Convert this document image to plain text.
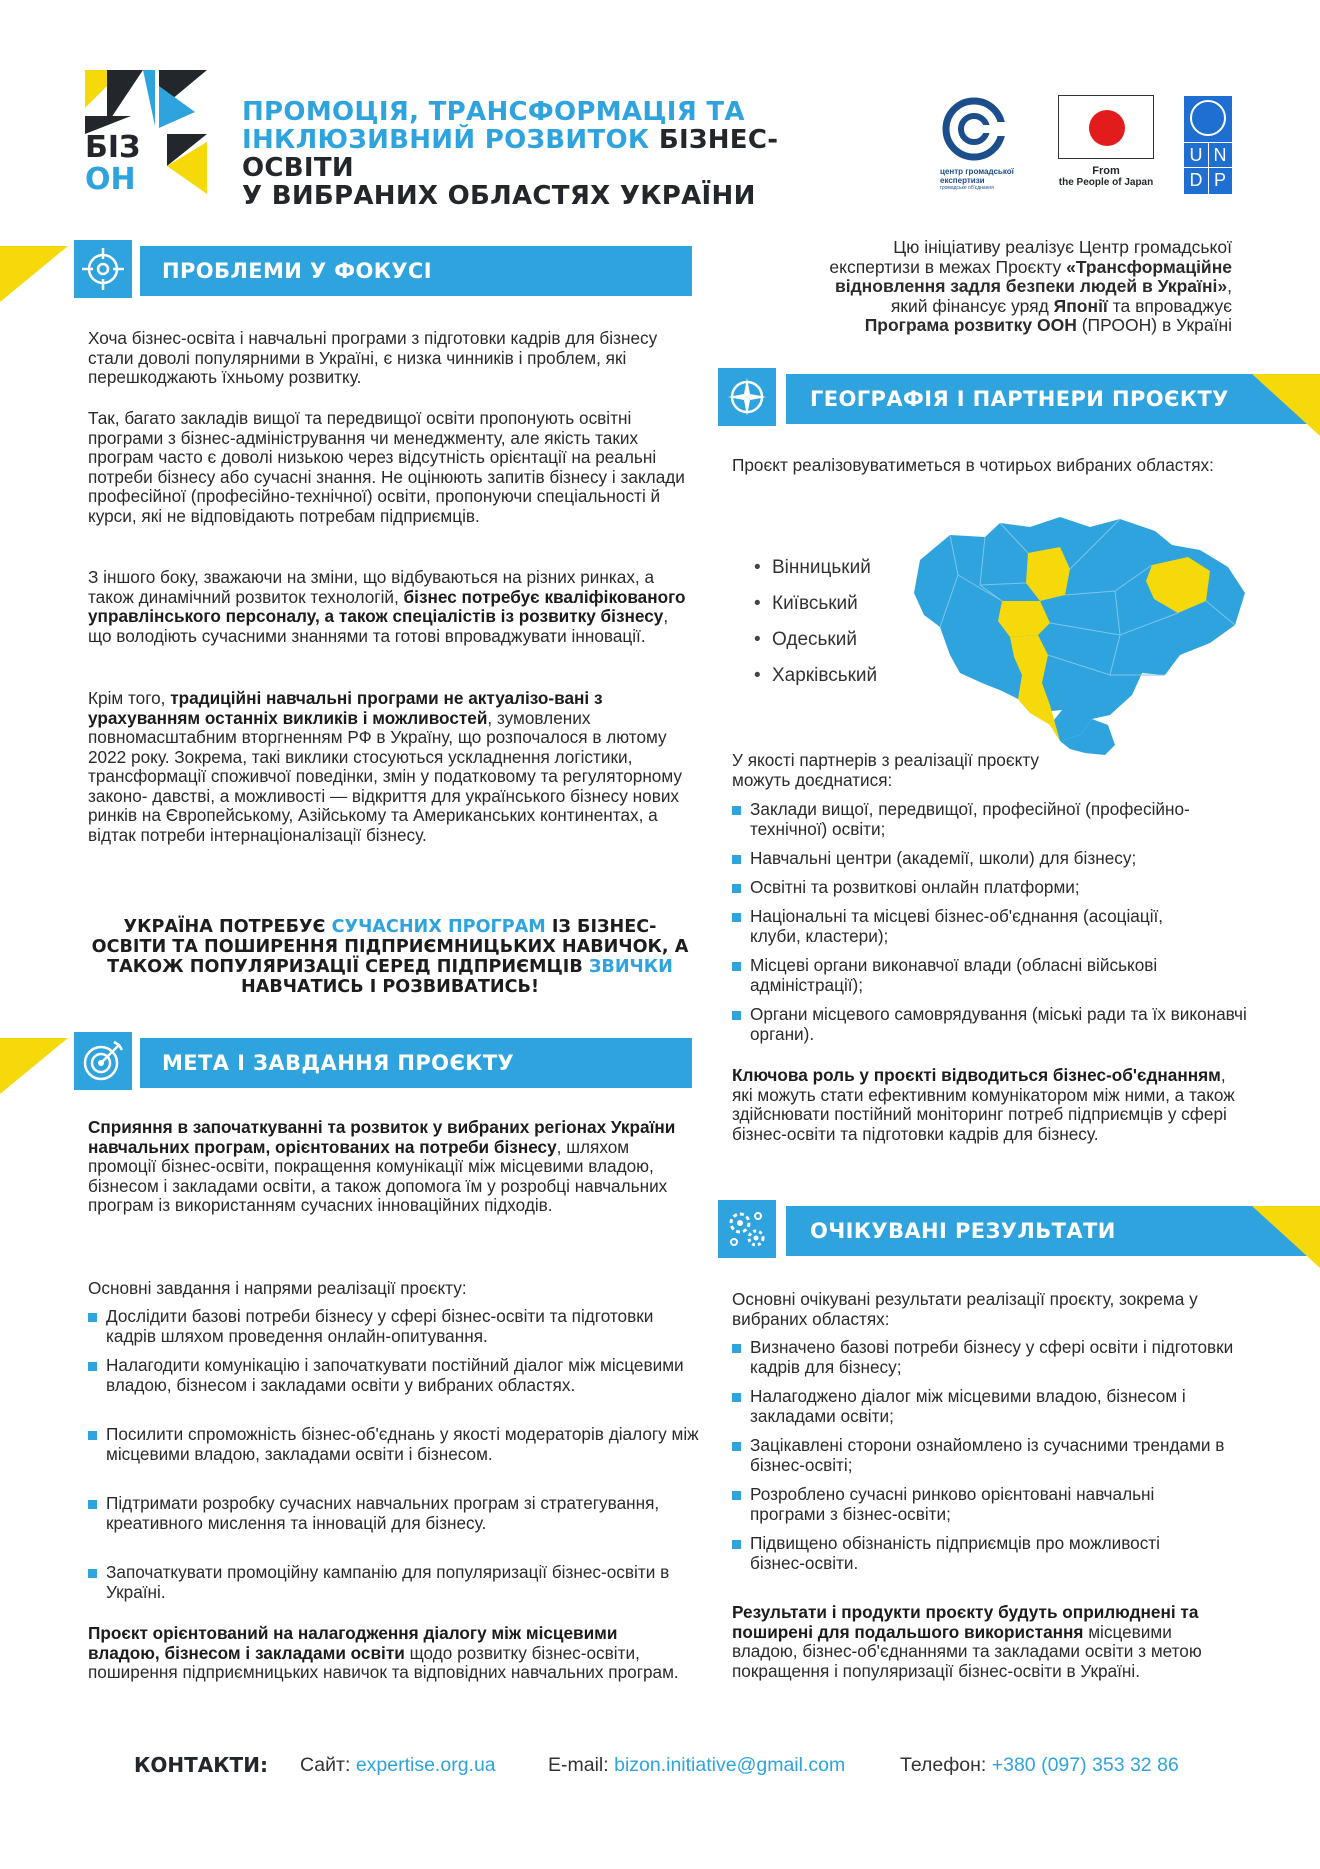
БІЗ
ОН
ПРОМОЦІЯ, ТРАНСФОРМАЦІЯ ТА
ІНКЛЮЗИВНИЙ РОЗВИТОК БІЗНЕС-ОСВІТИ
У ВИБРАНИХ ОБЛАСТЯХ УКРАЇНИ
центр громадської
експертизи
громадське об'єднання
From
the People of Japan
U N
D P
ПРОБЛЕМИ У ФОКУСІ
Хоча бізнес-освіта і навчальні програми з підготовки кадрів для бізнесу стали доволі популярними в Україні, є низка чинників і проблем, які перешкоджають їхньому розвитку.
Так, багато закладів вищої та передвищої освіти пропонують освітні програми з бізнес-адміністрування чи менеджменту, але якість таких програм часто є доволі низькою через відсутність орієнтації на реальні потреби бізнесу або сучасні знання. Не оцінюють запитів бізнесу і заклади професійної (професійно-технічної) освіти, пропонуючи спеціальності й курси, які не відповідають потребам підприємців.
З іншого боку, зважаючи на зміни, що відбуваються на різних ринках, а також динамічний розвиток технологій, бізнес потребує кваліфікованого управлінського персоналу, а також спеціалістів із розвитку бізнесу, що володіють сучасними знаннями та готові впроваджувати інновації.
Крім того, традиційні навчальні програми не актуалізо-вані з урахуванням останніх викликів і можливостей, зумовлених повномасштабним вторгненням РФ в Україну, що розпочалося в лютому 2022 року. Зокрема, такі виклики стосуються ускладнення логістики, трансформації споживчої поведінки, змін у податковому та регуляторному законо- давстві, а можливості — відкриття для українського бізнесу нових ринків на Європейському, Азійському та Американських континентах, а відтак потреби інтернаціоналізації бізнесу.
УКРАЇНА ПОТРЕБУЄ СУЧАСНИХ ПРОГРАМ ІЗ БІЗНЕС-ОСВІТИ ТА ПОШИРЕННЯ ПІДПРИЄМНИЦЬКИХ НАВИЧОК, А ТАКОЖ ПОПУЛЯРИЗАЦІЇ СЕРЕД ПІДПРИЄМЦІВ ЗВИЧКИ НАВЧАТИСЬ І РОЗВИВАТИСЬ!
МЕТА І ЗАВДАННЯ ПРОЄКТУ
Сприяння в започаткуванні та розвиток у вибраних регіонах України навчальних програм, орієнтованих на потреби бізнесу, шляхом промоції бізнес-освіти, покращення комунікації між місцевими владою, бізнесом і закладами освіти, а також допомога їм у розробці навчальних програм із використанням сучасних інноваційних підходів.
Основні завдання і напрями реалізації проєкту:
Дослідити базові потреби бізнесу у сфері бізнес-освіти та підготовки кадрів шляхом проведення онлайн-опитування.
Налагодити комунікацію і започаткувати постійний діалог між місцевими владою, бізнесом і закладами освіти у вибраних областях.
Посилити спроможність бізнес-об'єднань у якості модераторів діалогу між місцевими владою, закладами освіти і бізнесом.
Підтримати розробку сучасних навчальних програм зі стратегування, креативного мислення та інновацій для бізнесу.
Започаткувати промоційну кампанію для популяризації бізнес-освіти в Україні.
Проєкт орієнтований на налагодження діалогу між місцевими владою, бізнесом і закладами освіти щодо розвитку бізнес-освіти, поширення підприємницьких навичок та відповідних навчальних програм.
Цю ініціативу реалізує Центр громадської
експертизи в межах Проєкту «Трансформаційне
відновлення задля безпеки людей в Україні»,
який фінансує уряд Японії та впроваджує
Програма розвитку ООН (ПРООН) в Україні
ГЕОГРАФІЯ І ПАРТНЕРИ ПРОЄКТУ
Проєкт реалізовуватиметься в чотирьох вибраних областях:
• Вінницький
• Київський
• Одеський
• Харківський
У якості партнерів з реалізації проєкту можуть доєднатися:
Заклади вищої, передвищої, професійної (професійно-технічної) освіти;
Навчальні центри (академії, школи) для бізнесу;
Освітні та розвиткові онлайн платформи;
Національні та місцеві бізнес-об'єднання (асоціації, клуби, кластери);
Місцеві органи виконавчої влади (обласні військові адміністрації);
Органи місцевого самоврядування (міські ради та їх виконавчі органи).
Ключова роль у проєкті відводиться бізнес-об'єднанням, які можуть стати ефективним комунікатором між ними, а також здійснювати постійний моніторинг потреб підприємців у сфері бізнес-освіти та підготовки кадрів для бізнесу.
ОЧІКУВАНІ РЕЗУЛЬТАТИ
Основні очікувані результати реалізації проєкту, зокрема у вибраних областях:
Визначено базові потреби бізнесу у сфері освіти і підготовки кадрів для бізнесу;
Налагоджено діалог між місцевими владою, бізнесом і закладами освіти;
Зацікавлені сторони ознайомлено із сучасними трендами в бізнес-освіті;
Розроблено сучасні ринково орієнтовані навчальні програми з бізнес-освіти;
Підвищено обізнаність підприємців про можливості бізнес-освіти.
Результати і продукти проєкту будуть оприлюднені та поширені для подальшого використання місцевими владою, бізнес-об'єднаннями та закладами освіти з метою покращення і популяризації бізнес-освіти в Україні.
КОНТАКТИ: Сайт: expertise.org.ua	E-mail: bizon.initiative@gmail.com	Телефон: +380 (097) 353 32 86
